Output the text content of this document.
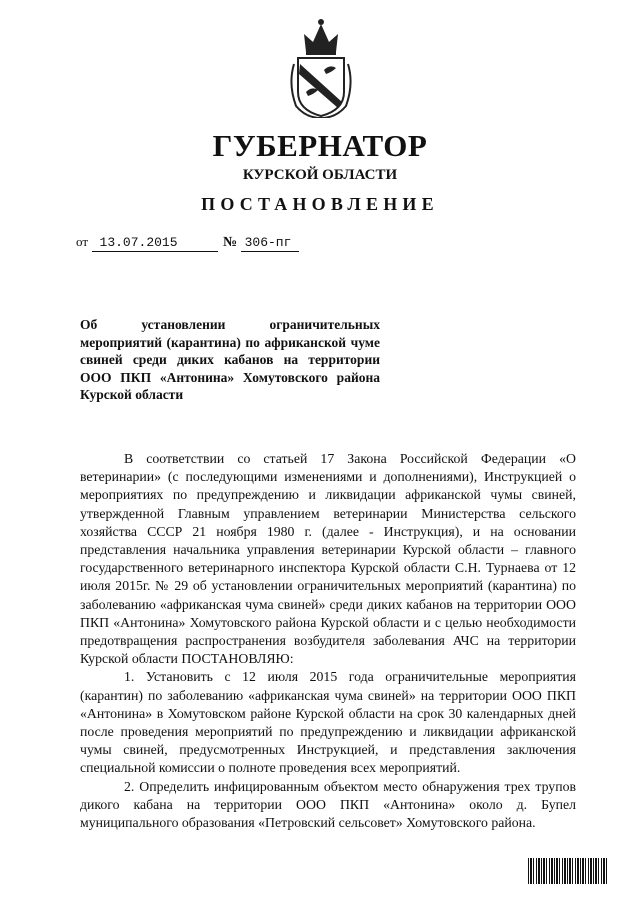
ГУБЕРНАТОР
КУРСКОЙ ОБЛАСТИ
ПОСТАНОВЛЕНИЕ
от 13.07.2015	№ 306-пг
Об установлении ограничительных мероприятий (карантина) по африканской чуме свиней среди диких кабанов на территории ООО ПКП «Антонина» Хомутовского района Курской области

В соответствии со статьей 17 Закона Российской Федерации «О ветеринарии» (с последующими изменениями и дополнениями), Инструкцией о мероприятиях по предупреждению и ликвидации африканской чумы свиней, утвержденной Главным управлением ветеринарии Министерства сельского хозяйства СССР 21 ноября 1980 г. (далее - Инструкция), и на основании представления начальника управления ветеринарии Курской области – главного государственного ветеринарного инспектора Курской области С.Н. Турнаева от 12 июля 2015г. № 29 об установлении ограничительных мероприятий (карантина) по заболеванию «африканская чума свиней» среди диких кабанов на территории ООО ПКП «Антонина» Хомутовского района Курской области и с целью необходимости предотвращения распространения возбудителя заболевания АЧС на территории Курской области ПОСТАНОВЛЯЮ:

1. Установить с 12 июля 2015 года ограничительные мероприятия (карантин) по заболеванию «африканская чума свиней» на территории ООО ПКП «Антонина» в Хомутовском районе Курской области на срок 30 календарных дней после проведения мероприятий по предупреждению и ликвидации африканской чумы свиней, предусмотренных Инструкцией, и представления заключения специальной комиссии о полноте проведения всех мероприятий.

2. Определить инфицированным объектом место обнаружения трех трупов дикого кабана на территории ООО ПКП «Антонина» около д. Бупел муниципального образования «Петровский сельсовет» Хомутовского района.
